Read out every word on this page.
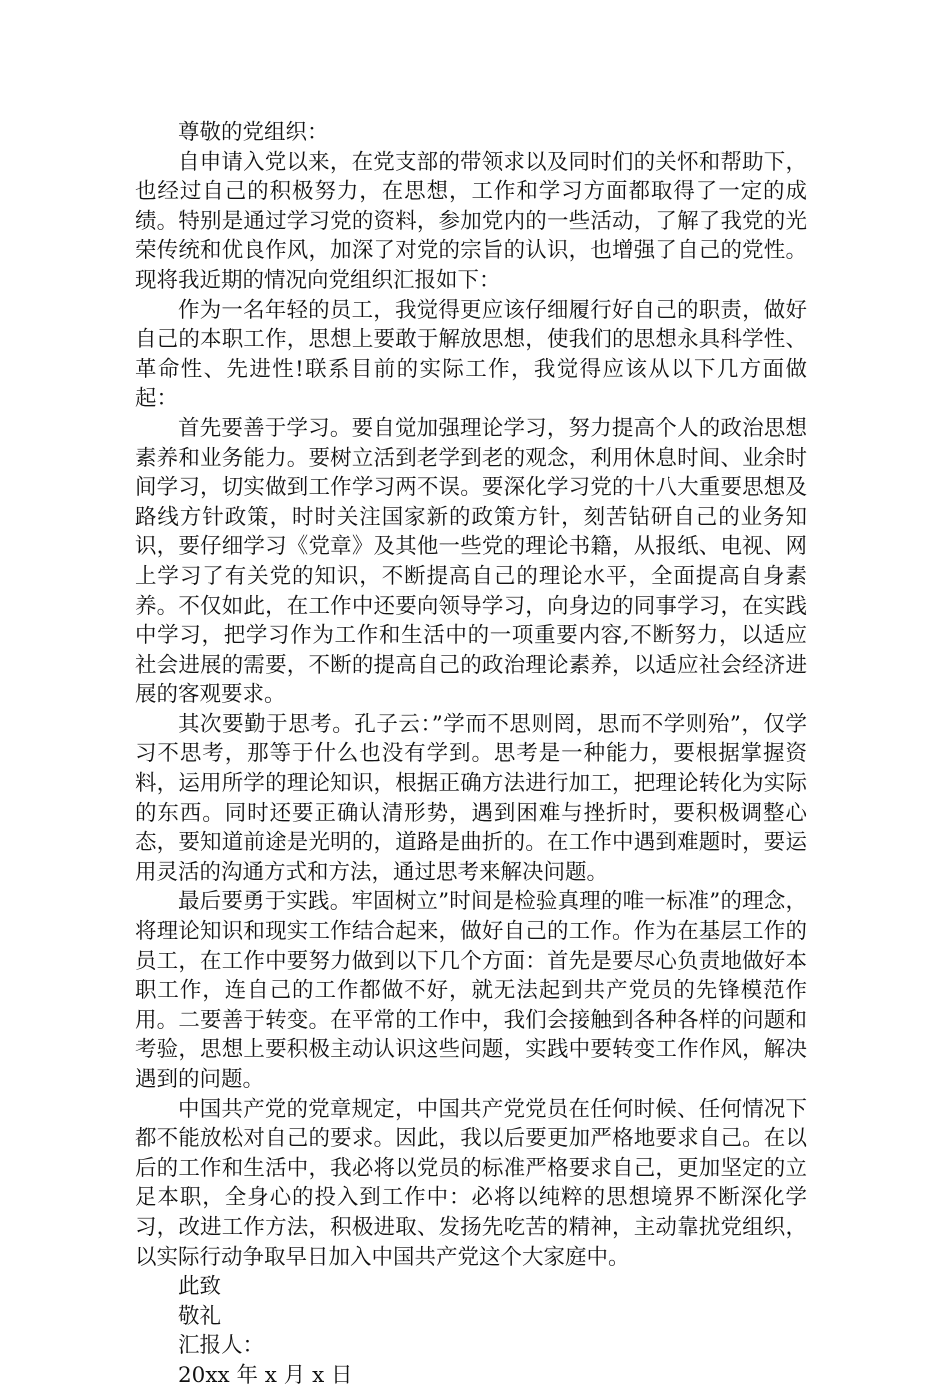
尊敬的党组织：

自申请入党以来，在党支部的带领求以及同时们的关怀和帮助下，也经过自己的积极努力，在思想，工作和学习方面都取得了一定的成绩。特别是通过学习党的资料，参加党内的一些活动，了解了我党的光荣传统和优良作风，加深了对党的宗旨的认识，也增强了自己的党性。现将我近期的情况向党组织汇报如下：

作为一名年轻的员工，我觉得更应该仔细履行好自己的职责，做好自己的本职工作，思想上要敢于解放思想，使我们的思想永具科学性、革命性、先进性!联系目前的实际工作，我觉得应该从以下几方面做起：

首先要善于学习。要自觉加强理论学习，努力提高个人的政治思想素养和业务能力。要树立活到老学到老的观念，利用休息时间、业余时间学习，切实做到工作学习两不误。要深化学习党的十八大重要思想及路线方针政策，时时关注国家新的政策方针，刻苦钻研自己的业务知识，要仔细学习《党章》及其他一些党的理论书籍，从报纸、电视、网上学习了有关党的知识，不断提高自己的理论水平，全面提高自身素养。不仅如此，在工作中还要向领导学习，向身边的同事学习，在实践中学习，把学习作为工作和生活中的一项重要内容,不断努力，以适应社会进展的需要，不断的提高自己的政治理论素养，以适应社会经济进展的客观要求。

其次要勤于思考。孔子云：”学而不思则罔，思而不学则殆”，仅学习不思考，那等于什么也没有学到。思考是一种能力，要根据掌握资料，运用所学的理论知识，根据正确方法进行加工，把理论转化为实际的东西。同时还要正确认清形势，遇到困难与挫折时，要积极调整心态，要知道前途是光明的，道路是曲折的。在工作中遇到难题时，要运用灵活的沟通方式和方法，通过思考来解决问题。

最后要勇于实践。牢固树立”时间是检验真理的唯一标准”的理念，将理论知识和现实工作结合起来，做好自己的工作。作为在基层工作的员工，在工作中要努力做到以下几个方面：首先是要尽心负责地做好本职工作，连自己的工作都做不好，就无法起到共产党员的先锋模范作用。二要善于转变。在平常的工作中，我们会接触到各种各样的问题和考验，思想上要积极主动认识这些问题，实践中要转变工作作风，解决遇到的问题。

中国共产党的党章规定，中国共产党党员在任何时候、任何情况下都不能放松对自己的要求。因此，我以后要更加严格地要求自己。在以后的工作和生活中，我必将以党员的标准严格要求自己，更加坚定的立足本职，全身心的投入到工作中：必将以纯粹的思想境界不断深化学习，改进工作方法，积极进取、发扬先吃苦的精神，主动靠扰党组织，以实际行动争取早日加入中国共产党这个大家庭中。

此致
敬礼
汇报人：
20xx 年 x 月 x 日
